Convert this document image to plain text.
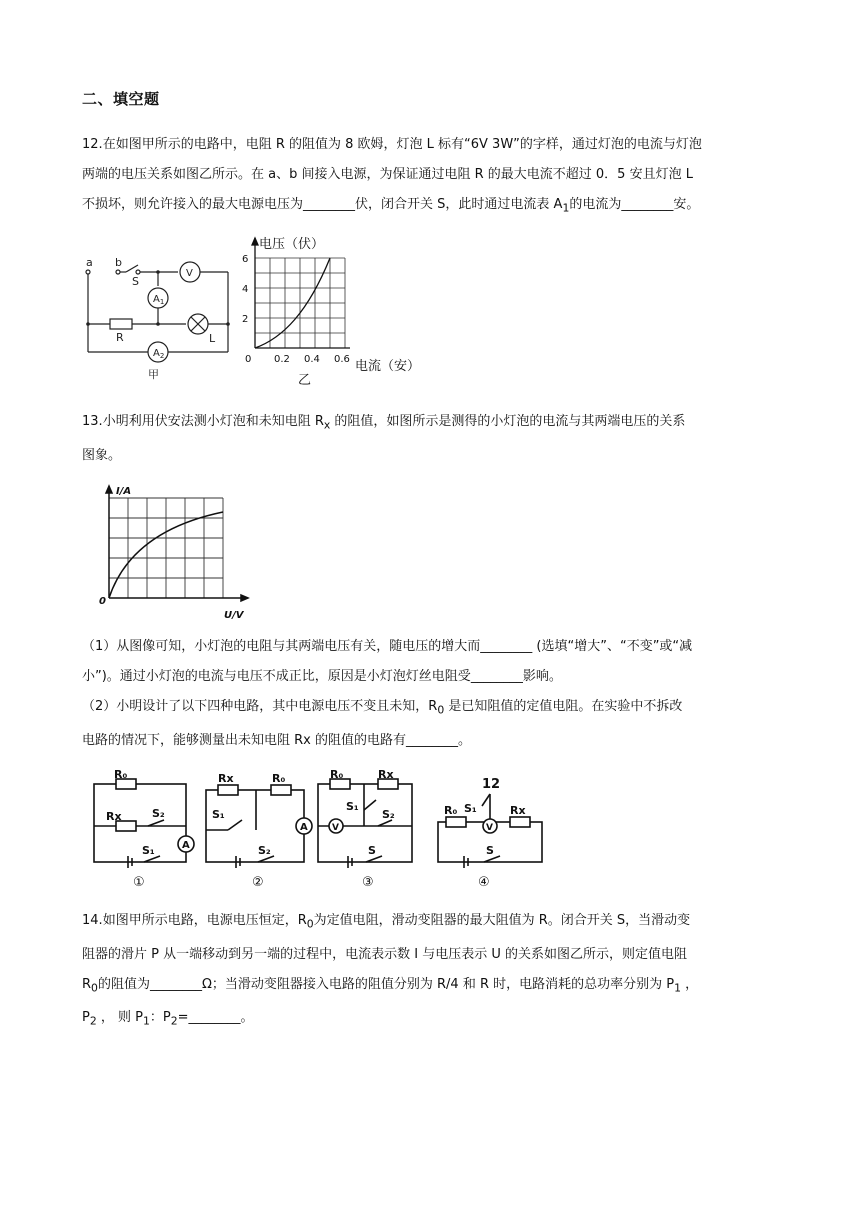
二、填空题
12.在如图甲所示的电路中，电阻 R 的阻值为 8 欧姆，灯泡 L 标有“6V 3W”的字样，通过灯泡的电流与灯泡
两端的电压关系如图乙所示。在 a、b 间接入电源，为保证通过电阻 R 的最大电流不超过 0．5 安且灯泡 L
不损坏，则允许接入的最大电源电压为________伏，闭合开关 S，此时通过电流表 $A_1$的电流为________安。
a b
S
V
$A_1$
R	L
$A_2$
甲
电压（伏）
6
4
2
0 0.2 0.4 0.6 电流（安）
乙
13.小明利用伏安法测小灯泡和未知电阻 $R_x$ 的阻值，如图所示是测得的小灯泡的电流与其两端电压的关系
图象。
I/A
0
U/V
（1）从图像可知，小灯泡的电阻与其两端电压有关，随电压的增大而________ (选填“增大”、“不变”或“减
小”)。通过小灯泡的电流与电压不成正比，原因是小灯泡灯丝电阻受________影响。
（2）小明设计了以下四种电路，其中电源电压不变且未知，$R_0$ 是已知阻值的定值电阻。在实验中不拆改
电路的情况下，能够测量出未知电阻 Rx 的阻值的电路有________。
R₀
Rx	S₂
S₁	A
①
Rx	R₀
S₁
S₂
A
②
R₀	Rx
S₁
S₂
V
S
③
12
S₁
R₀	Rx
V
S
④
14.如图甲所示电路，电源电压恒定，$R_0$为定值电阻，滑动变阻器的最大阻值为 R。闭合开关 S，当滑动变
阻器的滑片 P 从一端移动到另一端的过程中，电流表示数 I 与电压表示 U 的关系如图乙所示，则定值电阻
$R_0$的阻值为________Ω；当滑动变阻器接入电路的阻值分别为 R/4 和 R 时，电路消耗的总功率分别为 $P_1$ ，
$P_2$ ， 则 $P_1$：$P_2=\_\_\_\_\_\_\_\_$。
